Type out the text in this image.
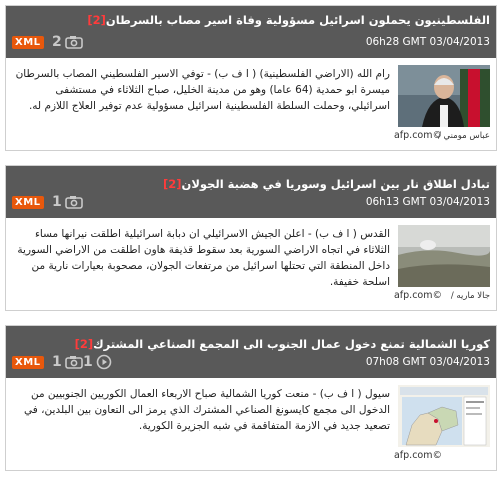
الفلسطينيون يحملون اسرائيل مسؤولية وفاة اسير مصاب بالسرطان[2]
XML 2	06h28 GMT 03/04/2013
afp.com©
عباس مومني /
رام الله (الاراضي الفلسطينية) ( ا ف ب) - توفي الاسير الفلسطيني المصاب بالسرطان ميسرة ابو حمدية (64 عاما) وهو من مدينة الخليل، صباح الثلاثاء في مستشفى اسرائيلي، وحملت السلطة الفلسطينية اسرائيل مسؤولية عدم توفير العلاج اللازم له.
تبادل اطلاق نار بين اسرائيل وسوريا في هضبة الجولان[2]
XML 1	06h13 GMT 03/04/2013
afp.com© جالا ماريه /
القدس ( ا ف ب) - اعلن الجيش الاسرائيلي ان دبابة اسرائيلية اطلقت نيرانها مساء الثلاثاء في اتجاه الاراضي السورية بعد سقوط قذيفة هاون اطلقت من الاراضي السورية داخل المنطقة التي تحتلها اسرائيل من مرتفعات الجولان، مصحوبة بعيارات نارية من اسلحة خفيفة.
كوريا الشمالية تمنع دخول عمال الجنوب الى المجمع الصناعي المشترك[2]
XML 1 1	07h08 GMT 03/04/2013
afp.com©
سيول ( ا ف ب) - منعت كوريا الشمالية صباح الاربعاء العمال الكوريين الجنوبيين من الدخول الى مجمع كايسونغ الصناعي المشترك الذي يرمز الى التعاون بين البلدين، في تصعيد جديد في الازمة المتفاقمة في شبه الجزيرة الكورية.
